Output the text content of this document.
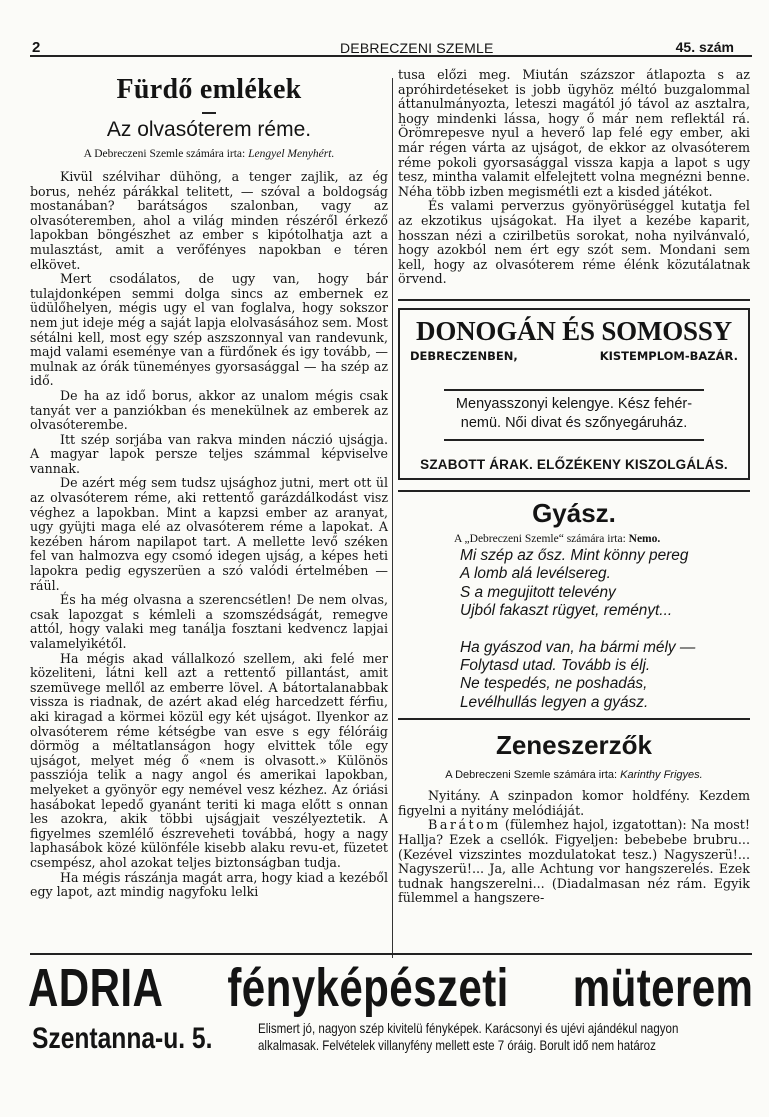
2	DEBRECZENI SZEMLE	45. szám
Fürdő emlékek
Az olvasóterem réme.
A Debreczeni Szemle számára irta: Lengyel Menyhért.

Kivül szélvihar dühöng, a tenger zajlik, az ég borus, nehéz párákkal telitett, — szóval a boldogság mostanában? barátságos szalonban, vagy az olvasóteremben, ahol a világ minden részéről érkező lapokban böngészhet az ember s kipótolhatja azt a mulasztást, amit a verőfényes napokban e téren elkövet.

Mert csodálatos, de ugy van, hogy bár tulajdonképen semmi dolga sincs az embernek ez üdülőhelyen, mégis ugy el van foglalva, hogy sokszor nem jut ideje még a saját lapja elolvasásához sem. Most sétálni kell, most egy szép aszszonnyal van randevunk, majd valami eseménye van a fürdőnek és igy tovább, — mulnak az órák tüneményes gyorsasággal — ha szép az idő.

De ha az idő borus, akkor az unalom mégis csak tanyát ver a panziókban és menekülnek az emberek az olvasóterembe.

Itt szép sorjába van rakva minden náczió ujságja. A magyar lapok persze teljes számmal képviselve vannak.

De azért még sem tudsz ujsághoz jutni, mert ott ül az olvasóterem réme, aki rettentő garázdálkodást visz véghez a lapokban. Mint a kapzsi ember az aranyat, ugy gyüjti maga elé az olvasóterem réme a lapokat. A kezében három napilapot tart. A mellette levő széken fel van halmozva egy csomó idegen ujság, a képes heti lapokra pedig egyszerüen a szó valódi értelmében — ráül.

És ha még olvasna a szerencsétlen! De nem olvas, csak lapozgat s kémleli a szomszédságát, remegve attól, hogy valaki meg tanálja fosztani kedvencz lapjai valamelyikétől.

Ha mégis akad vállalkozó szellem, aki felé mer közeliteni, látni kell azt a rettentő pillantást, amit szemüvege mellől az emberre lövel. A bátortalanabbak vissza is riadnak, de azért akad elég harcedzett férfiu, aki kiragad a körmei közül egy két ujságot. Ilyenkor az olvasóterem réme kétségbe van esve s egy félóráig dörmög a méltatlanságon hogy elvittek tőle egy ujságot, melyet még ő «nem is olvasott.» Különös passziója telik a nagy angol és amerikai lapokban, melyeket a gyönyör egy nemével vesz kézhez. Az óriási hasábokat lepedő gyanánt teriti ki maga előtt s onnan les azokra, akik többi ujságjait veszélyeztetik. A figyelmes szemlélő észreveheti továbbá, hogy a nagy laphasábok közé különféle kisebb alaku revu-et, füzetet csempész, ahol azokat teljes biztonságban tudja.

Ha mégis rászánja magát arra, hogy kiad a kezéből egy lapot, azt mindig nagyfoku lelki

tusa előzi meg. Miután százszor átlapozta s az apróhirdetéseket is jobb ügyhöz méltó buzgalommal áttanulmányozta, leteszi magától jó távol az asztalra, hogy mindenki lássa, hogy ő már nem reflektál rá. Örömrepesve nyul a heverő lap felé egy ember, aki már régen várta az ujságot, de ekkor az olvasóterem réme pokoli gyorsasággal vissza kapja a lapot s ugy tesz, mintha valamit elfelejtett volna megnézni benne. Néha több izben megismétli ezt a kisded játékot.

És valami perverzus gyönyörüséggel kutatja fel az ekzotikus ujságokat. Ha ilyet a kezébe kaparit, hosszan nézi a czirilbetüs sorokat, noha nyilvánvaló, hogy azokból nem ért egy szót sem. Mondani sem kell, hogy az olvasóterem réme élénk közutálatnak örvend.

DONOGÁN ÉS SOMOSSY
DEBRECZENBEN,	KISTEMPLOM-BAZÁR.
Menyasszonyi kelengye. Kész fehér-
nemü. Női divat és szőnyegáruház.
SZABOTT ÁRAK. ELŐZÉKENY KISZOLGÁLÁS.
Gyász.
A „Debreczeni Szemle“ számára irta: Nemo.
Mi szép az ősz. Mint könny pereg
A lomb alá levélsereg.
S a megujitott televény
Ujból fakaszt rügyet, reményt...
Ha gyászod van, ha bármi mély —
Folytasd utad. Tovább is élj.
Ne tespedés, ne poshadás,
Levélhullás legyen a gyász.
Zeneszerzők
A Debreczeni Szemle számára irta: Karinthy Frigyes.

Nyitány. A szinpadon komor holdfény. Kezdem figyelni a nyitány melódiáját.

Barátom (fülemhez hajol, izgatottan): Na most! Hallja? Ezek a csellók. Figyeljen: bebebebe brubru... (Kezével vizszintes mozdulatokat tesz.) Nagyszerü!... Nagyszerü!... Ja, alle Achtung vor hangszerelés. Ezek tudnak hangszerelni... (Diadalmasan néz rám. Egyik fülemmel a hangszere-

ADRIA fényképészeti müterem
Szentanna-u. 5.	Elismert jó, nagyon szép kivitelü fényképek. Karácsonyi és ujévi ajándékul nagyon
alkalmasak. Felvételek villanyfény mellett este 7 óráig. Borult idő nem határoz
